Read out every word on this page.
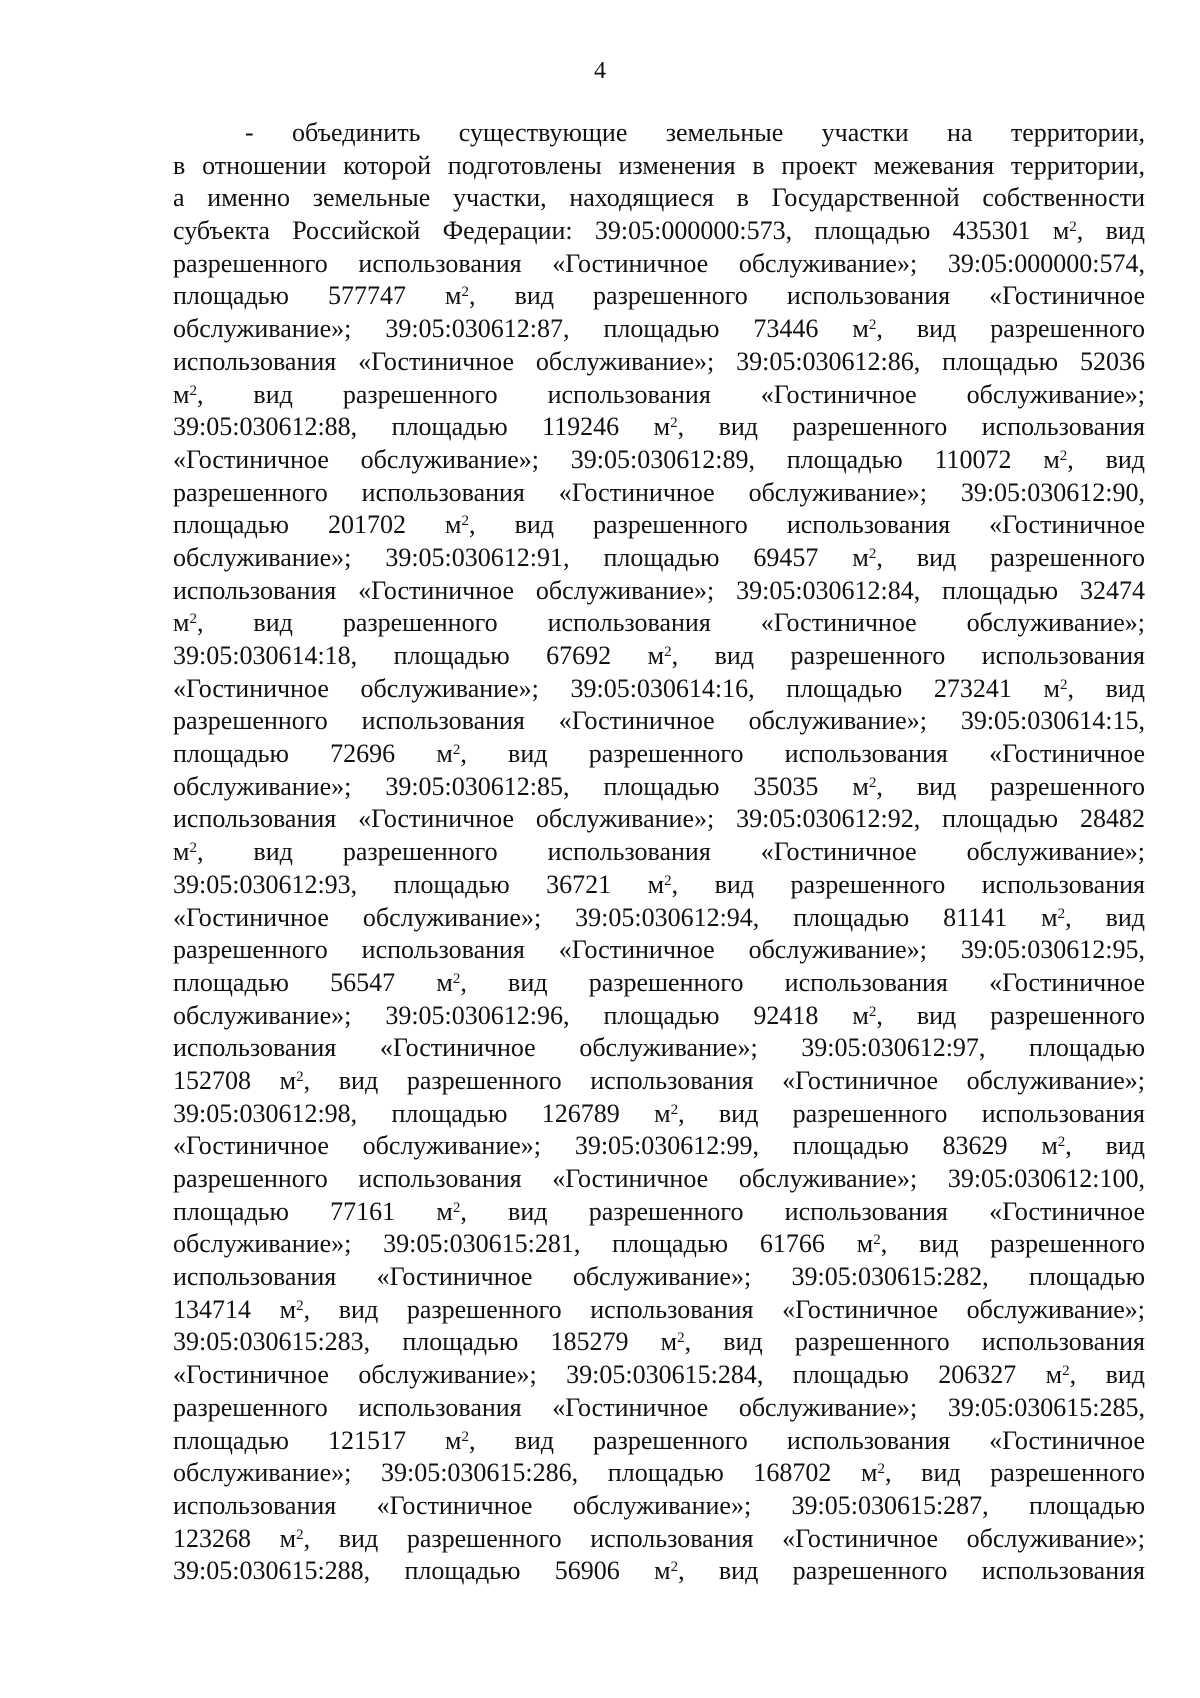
4
- объединить существующие земельные участки на территории,
в отношении которой подготовлены изменения в проект межевания территории,
а именно земельные участки, находящиеся в Государственной собственности
субъекта Российской Федерации: 39:05:000000:573, площадью 435301 $м^2$, вид
разрешенного использования «Гостиничное обслуживание»; 39:05:000000:574,
площадью 577747 $м^2$, вид разрешенного использования «Гостиничное
обслуживание»; 39:05:030612:87, площадью 73446 $м^2$, вид разрешенного
использования «Гостиничное обслуживание»; 39:05:030612:86, площадью 52036
$м^2$, вид разрешенного использования «Гостиничное обслуживание»;
39:05:030612:88, площадью 119246 $м^2$, вид разрешенного использования
«Гостиничное обслуживание»; 39:05:030612:89, площадью 110072 $м^2$, вид
разрешенного использования «Гостиничное обслуживание»; 39:05:030612:90,
площадью 201702 $м^2$, вид разрешенного использования «Гостиничное
обслуживание»; 39:05:030612:91, площадью 69457 $м^2$, вид разрешенного
использования «Гостиничное обслуживание»; 39:05:030612:84, площадью 32474
$м^2$, вид разрешенного использования «Гостиничное обслуживание»;
39:05:030614:18, площадью 67692 $м^2$, вид разрешенного использования
«Гостиничное обслуживание»; 39:05:030614:16, площадью 273241 $м^2$, вид
разрешенного использования «Гостиничное обслуживание»; 39:05:030614:15,
площадью 72696 $м^2$, вид разрешенного использования «Гостиничное
обслуживание»; 39:05:030612:85, площадью 35035 $м^2$, вид разрешенного
использования «Гостиничное обслуживание»; 39:05:030612:92, площадью 28482
$м^2$, вид разрешенного использования «Гостиничное обслуживание»;
39:05:030612:93, площадью 36721 $м^2$, вид разрешенного использования
«Гостиничное обслуживание»; 39:05:030612:94, площадью 81141 $м^2$, вид
разрешенного использования «Гостиничное обслуживание»; 39:05:030612:95,
площадью 56547 $м^2$, вид разрешенного использования «Гостиничное
обслуживание»; 39:05:030612:96, площадью 92418 $м^2$, вид разрешенного
использования «Гостиничное обслуживание»; 39:05:030612:97, площадью
152708 $м^2$, вид разрешенного использования «Гостиничное обслуживание»;
39:05:030612:98, площадью 126789 $м^2$, вид разрешенного использования
«Гостиничное обслуживание»; 39:05:030612:99, площадью 83629 $м^2$, вид
разрешенного использования «Гостиничное обслуживание»; 39:05:030612:100,
площадью 77161 $м^2$, вид разрешенного использования «Гостиничное
обслуживание»; 39:05:030615:281, площадью 61766 $м^2$, вид разрешенного
использования «Гостиничное обслуживание»; 39:05:030615:282, площадью
134714 $м^2$, вид разрешенного использования «Гостиничное обслуживание»;
39:05:030615:283, площадью 185279 $м^2$, вид разрешенного использования
«Гостиничное обслуживание»; 39:05:030615:284, площадью 206327 $м^2$, вид
разрешенного использования «Гостиничное обслуживание»; 39:05:030615:285,
площадью 121517 $м^2$, вид разрешенного использования «Гостиничное
обслуживание»; 39:05:030615:286, площадью 168702 $м^2$, вид разрешенного
использования «Гостиничное обслуживание»; 39:05:030615:287, площадью
123268 $м^2$, вид разрешенного использования «Гостиничное обслуживание»;
39:05:030615:288, площадью 56906 $м^2$, вид разрешенного использования
